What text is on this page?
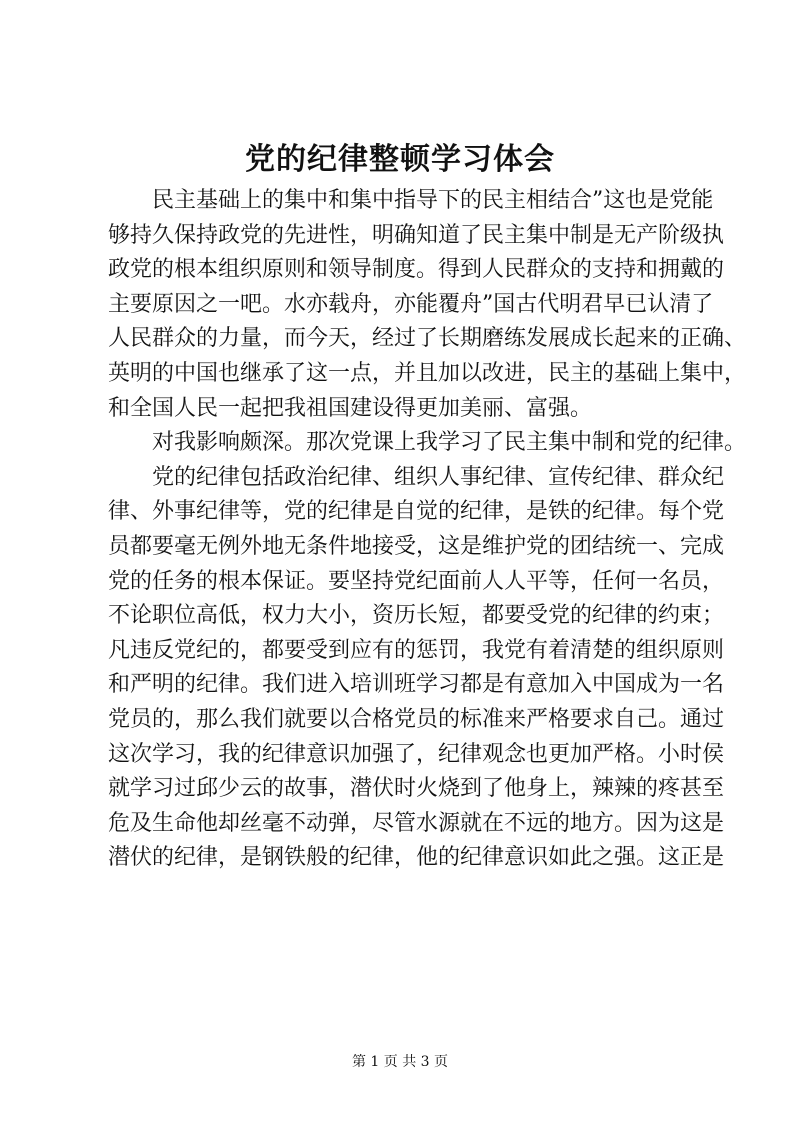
党的纪律整顿学习体会
民主基础上的集中和集中指导下的民主相结合”这也是党能
够持久保持政党的先进性，明确知道了民主集中制是无产阶级执
政党的根本组织原则和领导制度。得到人民群众的支持和拥戴的
主要原因之一吧。水亦载舟，亦能覆舟”国古代明君早已认清了
人民群众的力量，而今天，经过了长期磨练发展成长起来的正确、
英明的中国也继承了这一点，并且加以改进，民主的基础上集中，
和全国人民一起把我祖国建设得更加美丽、富强。
对我影响颇深。那次党课上我学习了民主集中制和党的纪律。
党的纪律包括政治纪律、组织人事纪律、宣传纪律、群众纪
律、外事纪律等，党的纪律是自觉的纪律，是铁的纪律。每个党
员都要毫无例外地无条件地接受，这是维护党的团结统一、完成
党的任务的根本保证。要坚持党纪面前人人平等，任何一名员，
不论职位高低，权力大小，资历长短，都要受党的纪律的约束；
凡违反党纪的，都要受到应有的惩罚，我党有着清楚的组织原则
和严明的纪律。我们进入培训班学习都是有意加入中国成为一名
党员的，那么我们就要以合格党员的标准来严格要求自己。通过
这次学习，我的纪律意识加强了，纪律观念也更加严格。小时侯
就学习过邱少云的故事，潜伏时火烧到了他身上，辣辣的疼甚至
危及生命他却丝毫不动弹，尽管水源就在不远的地方。因为这是
潜伏的纪律，是钢铁般的纪律，他的纪律意识如此之强。这正是
第 1 页 共 3 页
